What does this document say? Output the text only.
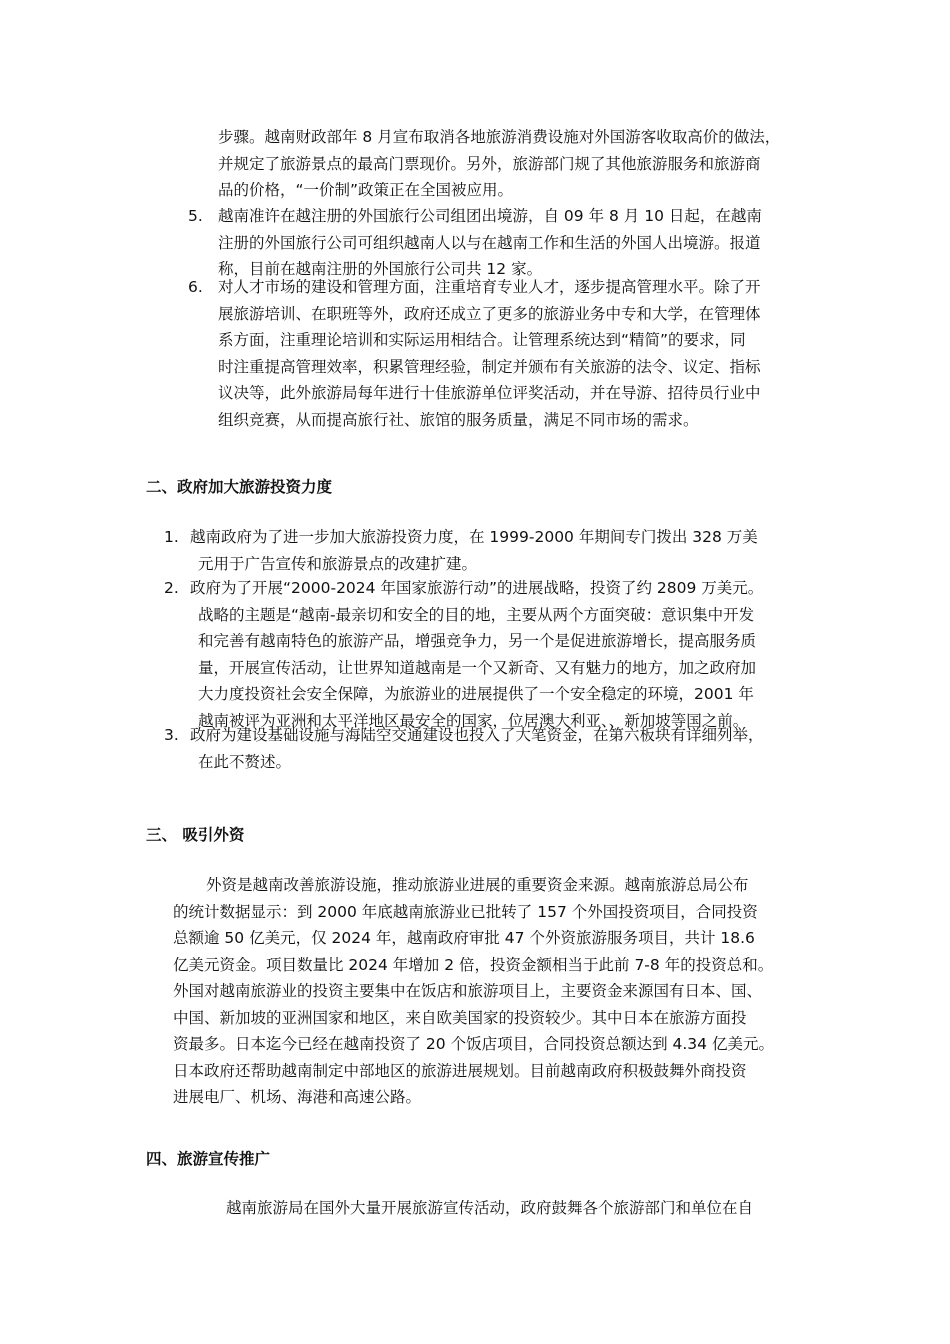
步骤。越南财政部年 8 月宣布取消各地旅游消费设施对外国游客收取高价的做法，
并规定了旅游景点的最高门票现价。另外，旅游部门规了其他旅游服务和旅游商
品的价格，“一价制”政策正在全国被应用。
5. 越南准许在越注册的外国旅行公司组团出境游，自 09 年 8 月 10 日起，在越南
注册的外国旅行公司可组织越南人以与在越南工作和生活的外国人出境游。报道
称，目前在越南注册的外国旅行公司共 12 家。
6. 对人才市场的建设和管理方面，注重培育专业人才，逐步提高管理水平。除了开
展旅游培训、在职班等外，政府还成立了更多的旅游业务中专和大学，在管理体
系方面，注重理论培训和实际运用相结合。让管理系统达到“精简”的要求，同
时注重提高管理效率，积累管理经验，制定并颁布有关旅游的法令、议定、指标
议决等，此外旅游局每年进行十佳旅游单位评奖活动，并在导游、招待员行业中
组织竞赛，从而提高旅行社、旅馆的服务质量，满足不同市场的需求。
二、政府加大旅游投资力度
1. 越南政府为了进一步加大旅游投资力度，在 1999-2000 年期间专门拨出 328 万美
元用于广告宣传和旅游景点的改建扩建。
2. 政府为了开展“2000-2024 年国家旅游行动”的进展战略，投资了约 2809 万美元。
战略的主题是“越南-最亲切和安全的目的地，主要从两个方面突破：意识集中开发
和完善有越南特色的旅游产品，增强竞争力，另一个是促进旅游增长，提高服务质
量，开展宣传活动，让世界知道越南是一个又新奇、又有魅力的地方，加之政府加
大力度投资社会安全保障，为旅游业的进展提供了一个安全稳定的环境，2001 年
越南被评为亚洲和太平洋地区最安全的国家，位居澳大利亚、、新加坡等国之前。
3. 政府为建设基础设施与海陆空交通建设也投入了大笔资金，在第六板块有详细列举，
在此不赘述。
三、 吸引外资
外资是越南改善旅游设施，推动旅游业进展的重要资金来源。越南旅游总局公布
的统计数据显示：到 2000 年底越南旅游业已批转了 157 个外国投资项目，合同投资
总额逾 50 亿美元，仅 2024 年，越南政府审批 47 个外资旅游服务项目，共计 18.6
亿美元资金。项目数量比 2024 年增加 2 倍，投资金额相当于此前 7-8 年的投资总和。
外国对越南旅游业的投资主要集中在饭店和旅游项目上，主要资金来源国有日本、国、
中国、新加坡的亚洲国家和地区，来自欧美国家的投资较少。其中日本在旅游方面投
资最多。日本迄今已经在越南投资了 20 个饭店项目，合同投资总额达到 4.34 亿美元。
日本政府还帮助越南制定中部地区的旅游进展规划。目前越南政府积极鼓舞外商投资
进展电厂、机场、海港和高速公路。
四、旅游宣传推广
越南旅游局在国外大量开展旅游宣传活动，政府鼓舞各个旅游部门和单位在自
